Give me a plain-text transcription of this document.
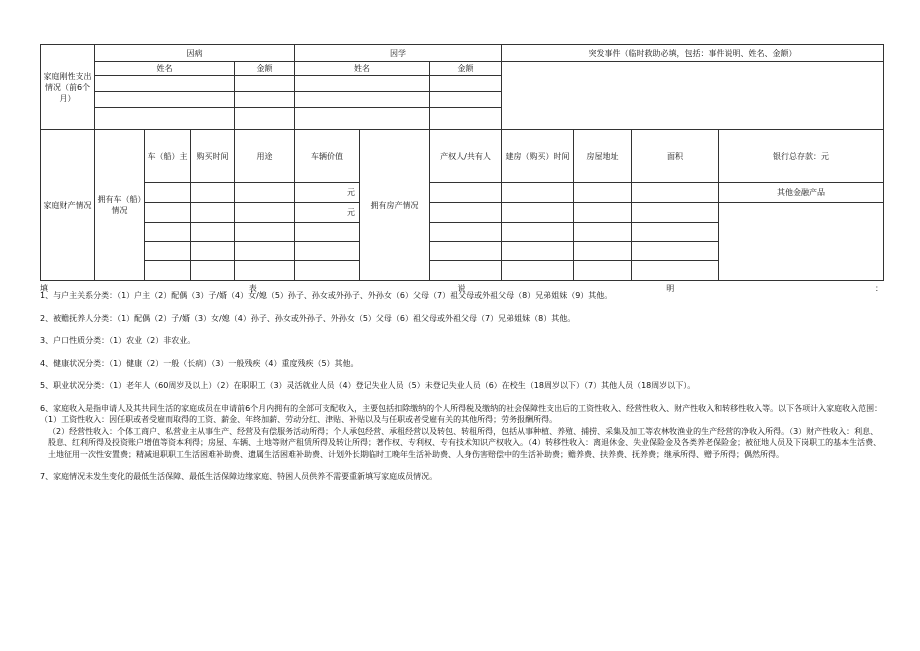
家庭刚性支出情况（前6个月）	因病				因学			突发事件（临时救助必填，包括：事件说明、姓名、金额）			
	姓名			金额	姓名		金额				

家庭财产情况	拥有车（船）情况	车（船）主	购买时间	用途	车辆价值	拥有房产情况	产权人/共有人	建房（购买）时间	房屋地址	面积	银行总存款：元
					元						其他金融产品
					元						

填	表	说	明	：

1、与户主关系分类：（1）户主（2）配偶（3）子/婿（4）女/媳（5）孙子、孙女或外孙子、外孙女（6）父母（7）祖父母或外祖父母（8）兄弟姐妹（9）其他。

2、被赡抚养人分类：（1）配偶（2）子/婿（3）女/媳（4）孙子、孙女或外孙子、外孙女（5）父母（6）祖父母或外祖父母（7）兄弟姐妹（8）其他。

3、户口性质分类：（1）农业（2）非农业。

4、健康状况分类：（1）健康（2）一般（长病）（3）一般残疾（4）重度残疾（5）其他。

5、职业状况分类：（1）老年人（60周岁及以上）（2）在职职工（3）灵活就业人员（4）登记失业人员（5）未登记失业人员（6）在校生（18周岁以下）（7）其他人员（18周岁以下）。

6、家庭收入是指申请人及其共同生活的家庭成员在申请前6个月内拥有的全部可支配收入，主要包括扣除缴纳的个人所得税及缴纳的社会保障性支出后的工资性收入、经营性收入、财产性收入和转移性收入等。以下各项计入家庭收入范围：（1）工资性收入：因任职或者受雇而取得的工资、薪金、年终加薪、劳动分红、津贴、补贴以及与任职或者受雇有关的其他所得；劳务报酬所得。

（2）经营性收入：个体工商户、私营业主从事生产、经营及有偿服务活动所得；个人承包经营、承租经营以及转包、转租所得，包括从事种植、养殖、捕捞、采集及加工等农林牧渔业的生产经营的净收入所得。（3）财产性收入：利息、股息、红利所得及投资账户增值等资本利得；房屋、车辆、土地等财产租赁所得及转让所得；著作权、专利权、专有技术知识产权收入。（4）转移性收入：离退休金、失业保险金及各类养老保险金；被征地人员及下岗职工的基本生活费、土地征用一次性安置费；精减退职职工生活困难补助费、遗属生活困难补助费、计划外长期临时工晚年生活补助费、人身伤害赔偿中的生活补助费；赡养费、扶养费、抚养费；继承所得、赠予所得；偶然所得。

7、家庭情况未发生变化的最低生活保障、最低生活保障边缘家庭、特困人员供养不需要重新填写家庭成员情况。
